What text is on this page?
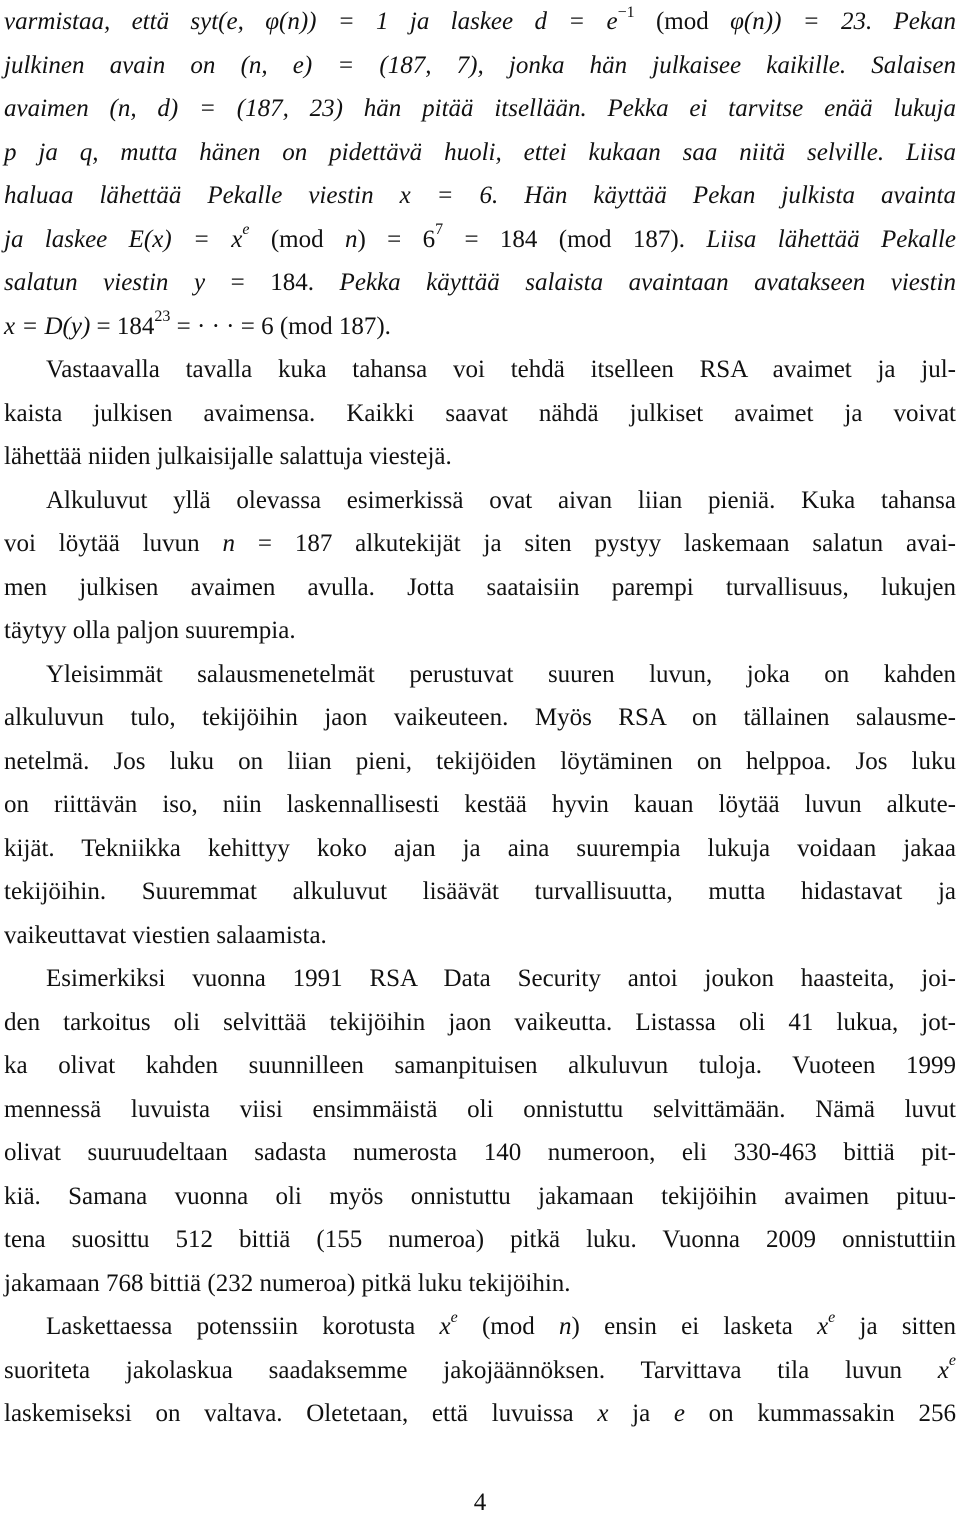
varmistaa, että syt(e, φ(n)) = 1 ja laskee $d = e^{-1}$ (mod φ(n)) = 23. Pekan
julkinen avain on (n, e) = (187, 7), jonka hän julkaisee kaikille. Salaisen
avaimen (n, d) = (187, 23) hän pitää itsellään. Pekka ei tarvitse enää lukuja
p ja q, mutta hänen on pidettävä huoli, ettei kukaan saa niitä selville. Liisa
haluaa lähettää Pekalle viestin x = 6. Hän käyttää Pekan julkista avainta
ja laskee $E(x) = x^e$ (mod $n) = 6^7 = 184$ (mod 187). Liisa lähettää Pekalle
salatun viestin y = 184. Pekka käyttää salaista avaintaan avatakseen viestin
$x = D(y) = 184^{23}$ = · · · = 6 (mod 187).
Vastaavalla tavalla kuka tahansa voi tehdä itselleen RSA avaimet ja jul-
kaista julkisen avaimensa. Kaikki saavat nähdä julkiset avaimet ja voivat
lähettää niiden julkaisijalle salattuja viestejä.
Alkuluvut yllä olevassa esimerkissä ovat aivan liian pieniä. Kuka tahansa
voi löytää luvun n = 187 alkutekijät ja siten pystyy laskemaan salatun avai-
men julkisen avaimen avulla. Jotta saataisiin parempi turvallisuus, lukujen
täytyy olla paljon suurempia.
Yleisimmät salausmenetelmät perustuvat suuren luvun, joka on kahden
alkuluvun tulo, tekijöihin jaon vaikeuteen. Myös RSA on tällainen salausme-
netelmä. Jos luku on liian pieni, tekijöiden löytäminen on helppoa. Jos luku
on riittävän iso, niin laskennallisesti kestää hyvin kauan löytää luvun alkute-
kijät. Tekniikka kehittyy koko ajan ja aina suurempia lukuja voidaan jakaa
tekijöihin. Suuremmat alkuluvut lisäävät turvallisuutta, mutta hidastavat ja
vaikeuttavat viestien salaamista.
Esimerkiksi vuonna 1991 RSA Data Security antoi joukon haasteita, joi-
den tarkoitus oli selvittää tekijöihin jaon vaikeutta. Listassa oli 41 lukua, jot-
ka olivat kahden suunnilleen samanpituisen alkuluvun tuloja. Vuoteen 1999
mennessä luvuista viisi ensimmäistä oli onnistuttu selvittämään. Nämä luvut
olivat suuruudeltaan sadasta numerosta 140 numeroon, eli 330-463 bittiä pit-
kiä. Samana vuonna oli myös onnistuttu jakamaan tekijöihin avaimen pituu-
tena suosittu 512 bittiä (155 numeroa) pitkä luku. Vuonna 2009 onnistuttiin
jakamaan 768 bittiä (232 numeroa) pitkä luku tekijöihin.
Laskettaessa potenssiin korotusta $x^e$ (mod n) ensin ei lasketa $x^e$ ja sitten
suoriteta jakolaskua saadaksemme jakojäännöksen. Tarvittava tila luvun $x^e$
laskemiseksi on valtava. Oletetaan, että luvuissa x ja e on kummassakin 256
4
